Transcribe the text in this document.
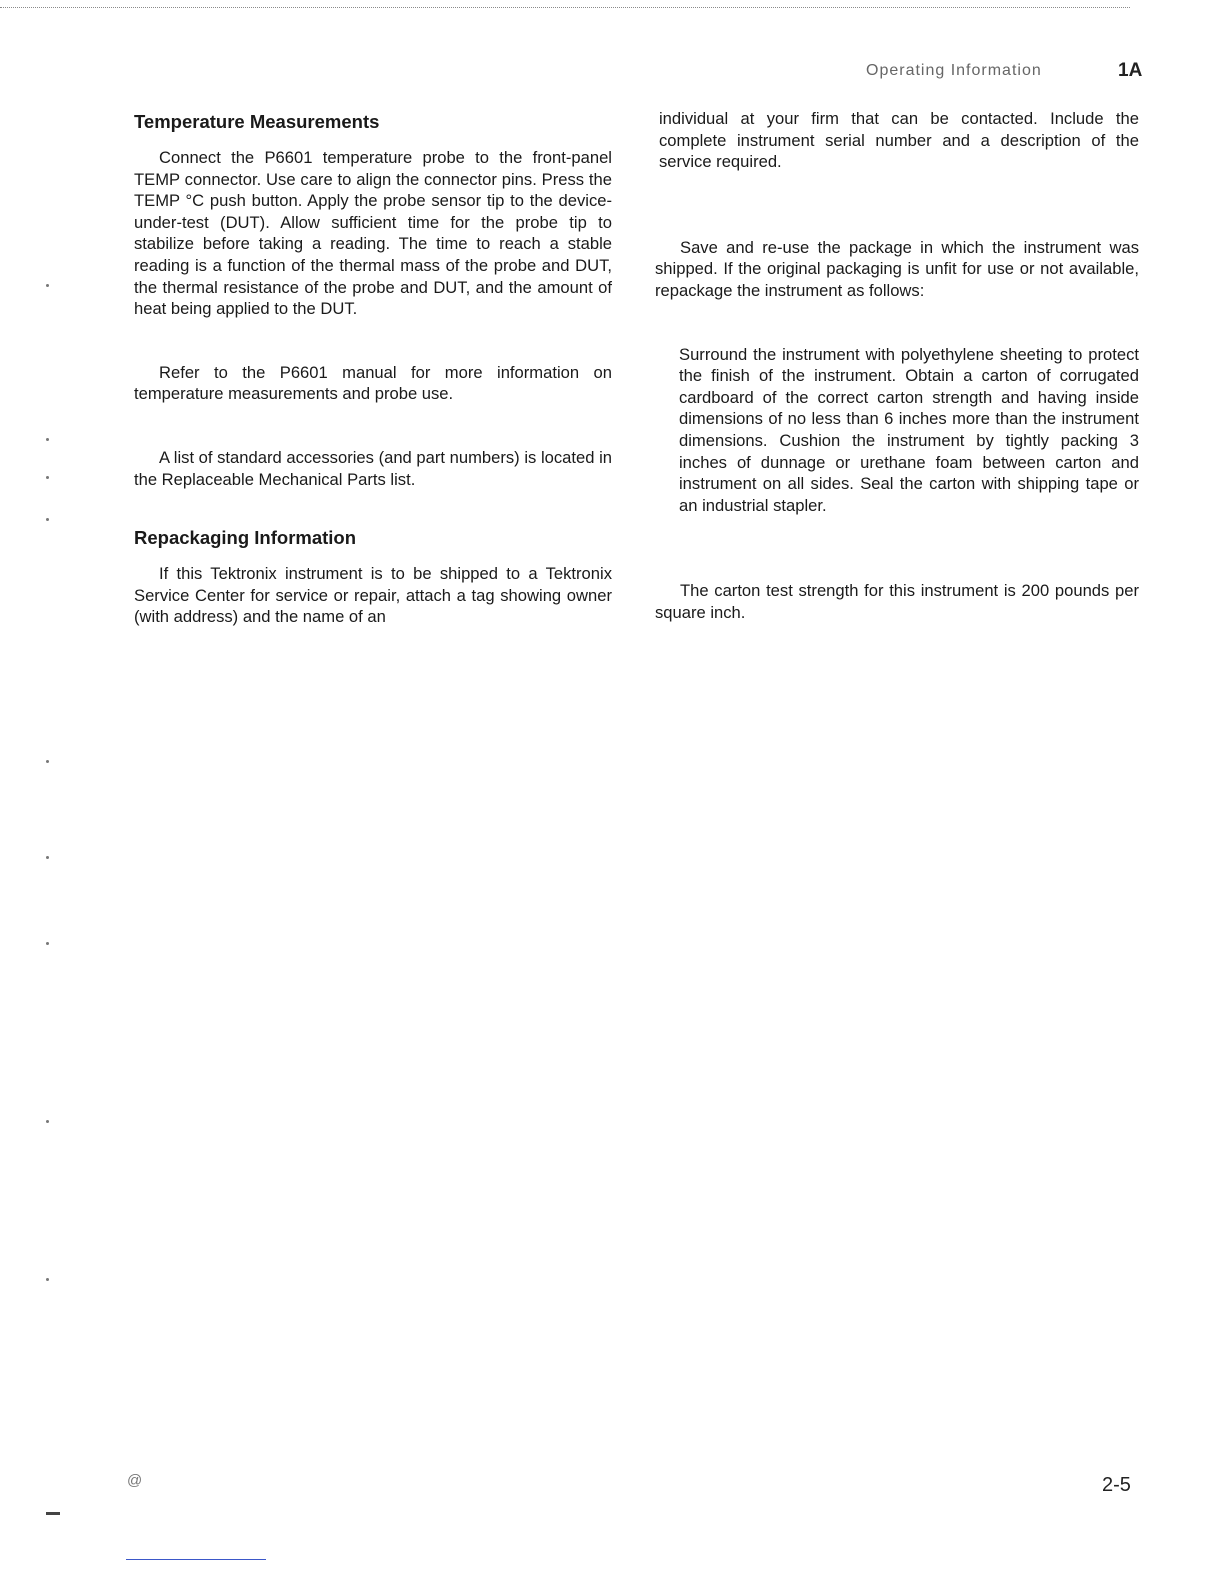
Operating Information	1A
Temperature Measurements

Connect the P6601 temperature probe to the front-panel TEMP connector. Use care to align the connector pins. Press the TEMP °C push button. Apply the probe sensor tip to the device-under-test (DUT). Allow sufficient time for the probe tip to stabilize before taking a reading. The time to reach a stable reading is a function of the thermal mass of the probe and DUT, the thermal resistance of the probe and DUT, and the amount of heat being applied to the DUT.

Refer to the P6601 manual for more information on temperature measurements and probe use.

A list of standard accessories (and part numbers) is located in the Replaceable Mechanical Parts list.

Repackaging Information

If this Tektronix instrument is to be shipped to a Tektronix Service Center for service or repair, attach a tag showing owner (with address) and the name of an

individual at your firm that can be contacted. Include the complete instrument serial number and a description of the service required.

Save and re-use the package in which the instrument was shipped. If the original packaging is unfit for use or not available, repackage the instrument as follows:

Surround the instrument with polyethylene sheeting to protect the finish of the instrument. Obtain a carton of corrugated cardboard of the correct carton strength and having inside dimensions of no less than 6 inches more than the instrument dimensions. Cushion the instrument by tightly packing 3 inches of dunnage or urethane foam between carton and instrument on all sides. Seal the carton with shipping tape or an industrial stapler.

The carton test strength for this instrument is 200 pounds per square inch.

@	2-5
